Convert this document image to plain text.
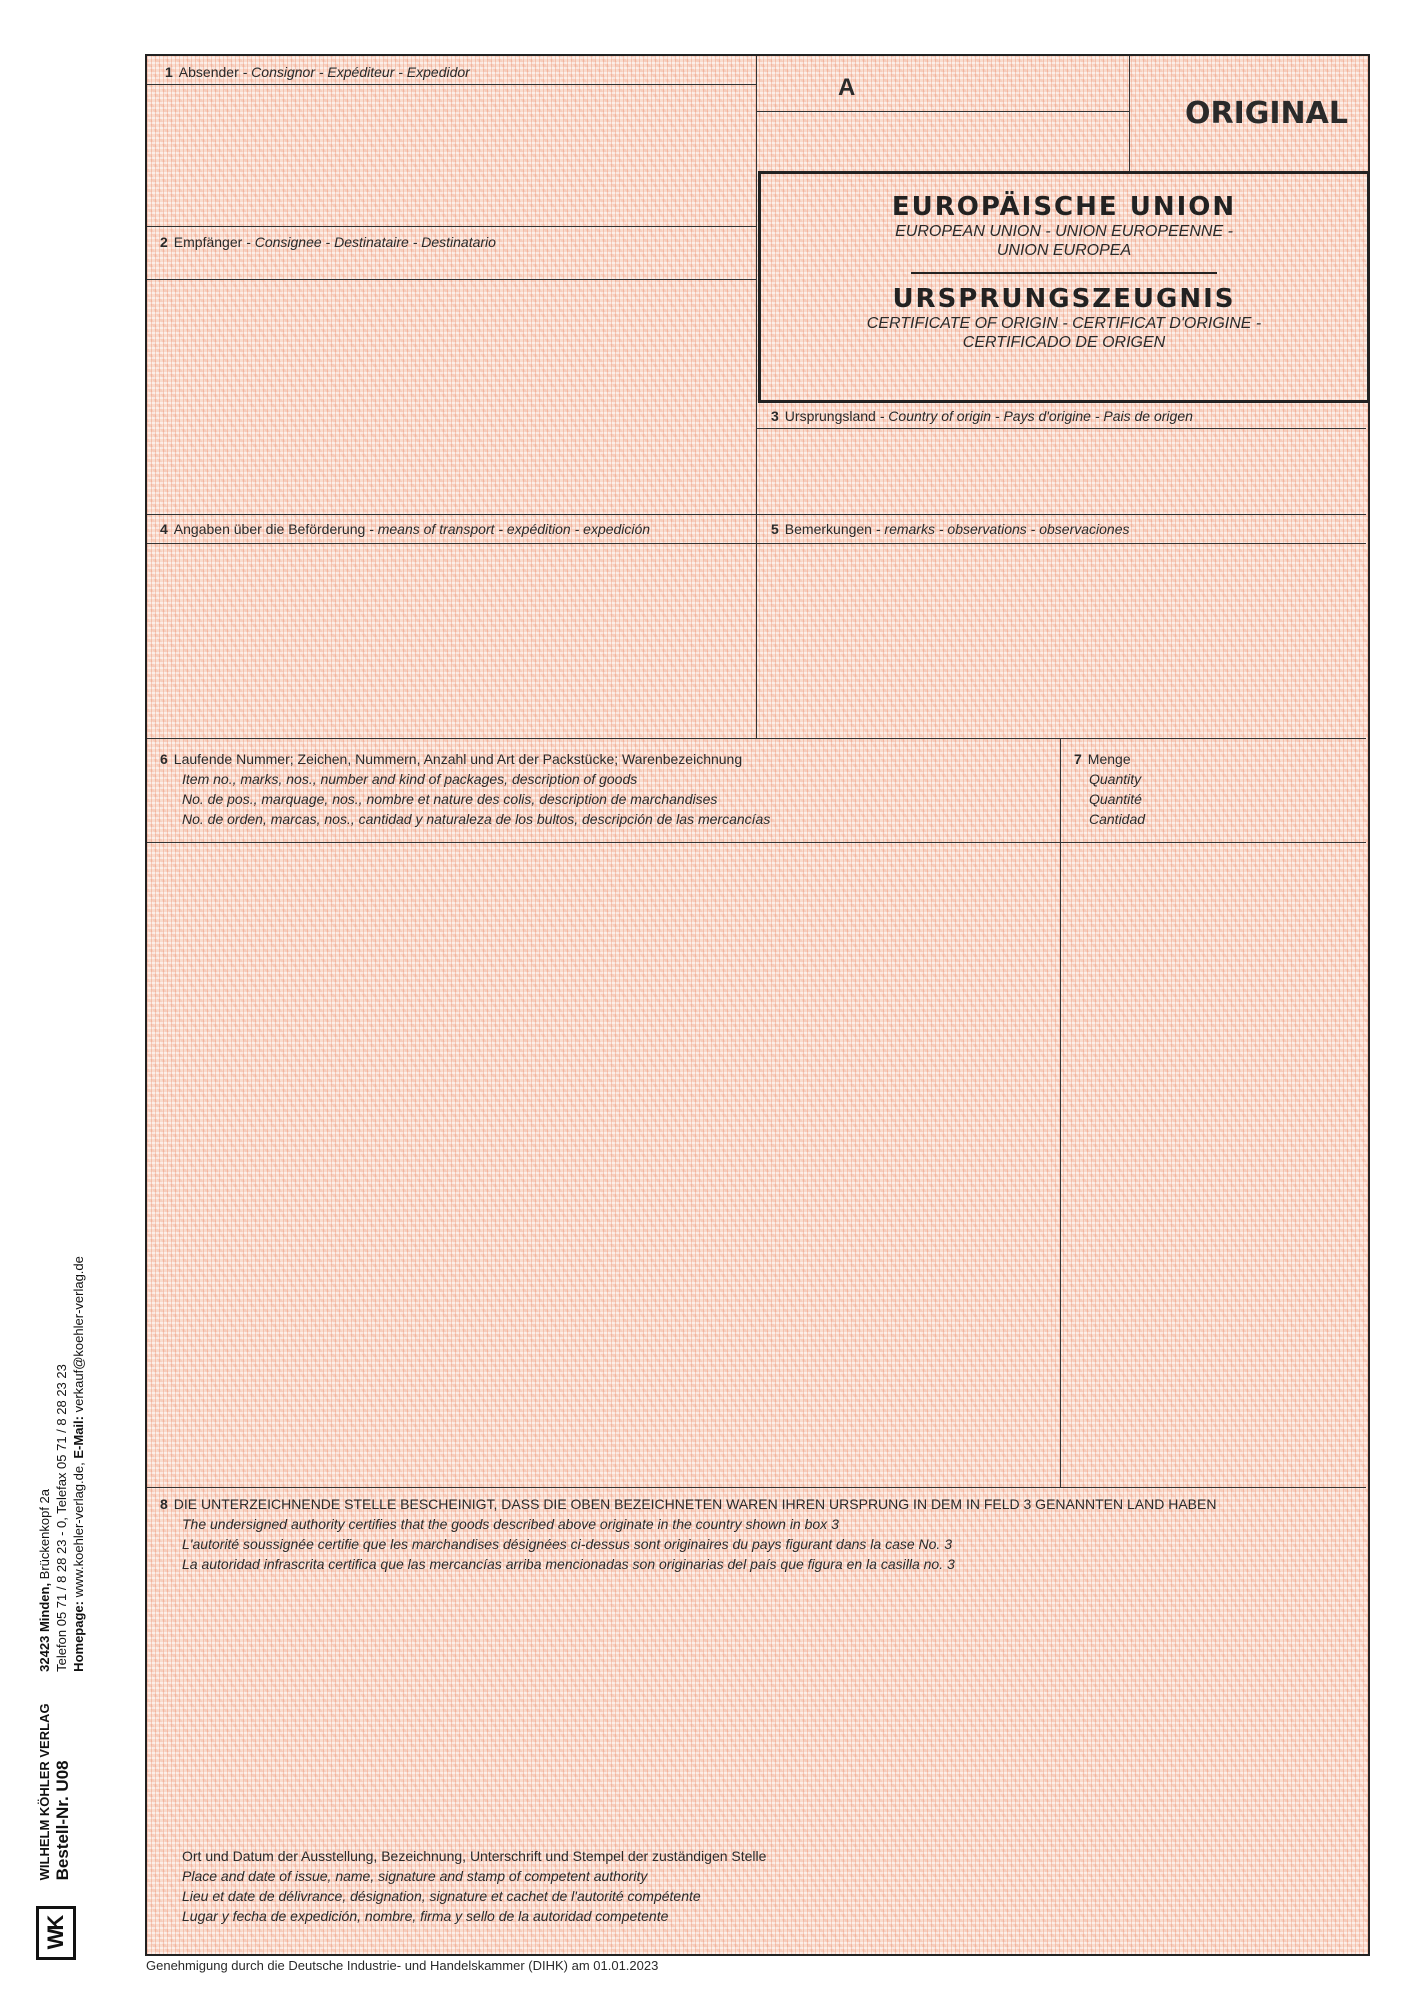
A
ORIGINAL
EUROPÄISCHE UNION
EUROPEAN UNION - UNION EUROPEENNE -
UNION EUROPEA
URSPRUNGSZEUGNIS
CERTIFICATE OF ORIGIN - CERTIFICAT D'ORIGINE -
CERTIFICADO DE ORIGEN
1 Absender - Consignor - Expéditeur - Expedidor
2 Empfänger - Consignee - Destinataire - Destinatario
3 Ursprungsland - Country of origin - Pays d'origine - Pais de origen
4 Angaben über die Beförderung - means of transport - expédition - expedición	5 Bemerkungen - remarks - observations - observaciones
6 Laufende Nummer; Zeichen, Nummern, Anzahl und Art der Packstücke; Warenbezeichnung
Item no., marks, nos., number and kind of packages, description of goods
No. de pos., marquage, nos., nombre et nature des colis, description de marchandises
No. de orden, marcas, nos., cantidad y naturaleza de los bultos, descripción de las mercancías
7 Menge
Quantity
Quantité
Cantidad
8 DIE UNTERZEICHNENDE STELLE BESCHEINIGT, DASS DIE OBEN BEZEICHNETEN WAREN IHREN URSPRUNG IN DEM IN FELD 3 GENANNTEN LAND HABEN
The undersigned authority certifies that the goods described above originate in the country shown in box 3
L'autorité soussignée certifie que les marchandises désignées ci-dessus sont originaires du pays figurant dans la case No. 3
La autoridad infrascrita certifica que las mercancías arriba mencionadas son originarias del país que figura en la casilla no. 3
Ort und Datum der Ausstellung, Bezeichnung, Unterschrift und Stempel der zuständigen Stelle
Place and date of issue, name, signature and stamp of competent authority
Lieu et date de délivrance, désignation, signature et cachet de l'autorité compétente
Lugar y fecha de expedición, nombre, firma y sello de la autoridad competente
Genehmigung durch die Deutsche Industrie- und Handelskammer (DIHK) am 01.01.2023
WK
WILHELM KÖHLER VERLAG Bestell-Nr. U08

32423 Minden, Brückenkopf 2a Telefon 05 71 / 8 28 23 - 0, Telefax 05 71 / 8 28 23 23 Homepage: www.koehler-verlag.de, E-Mail: verkauf@koehler-verlag.de
